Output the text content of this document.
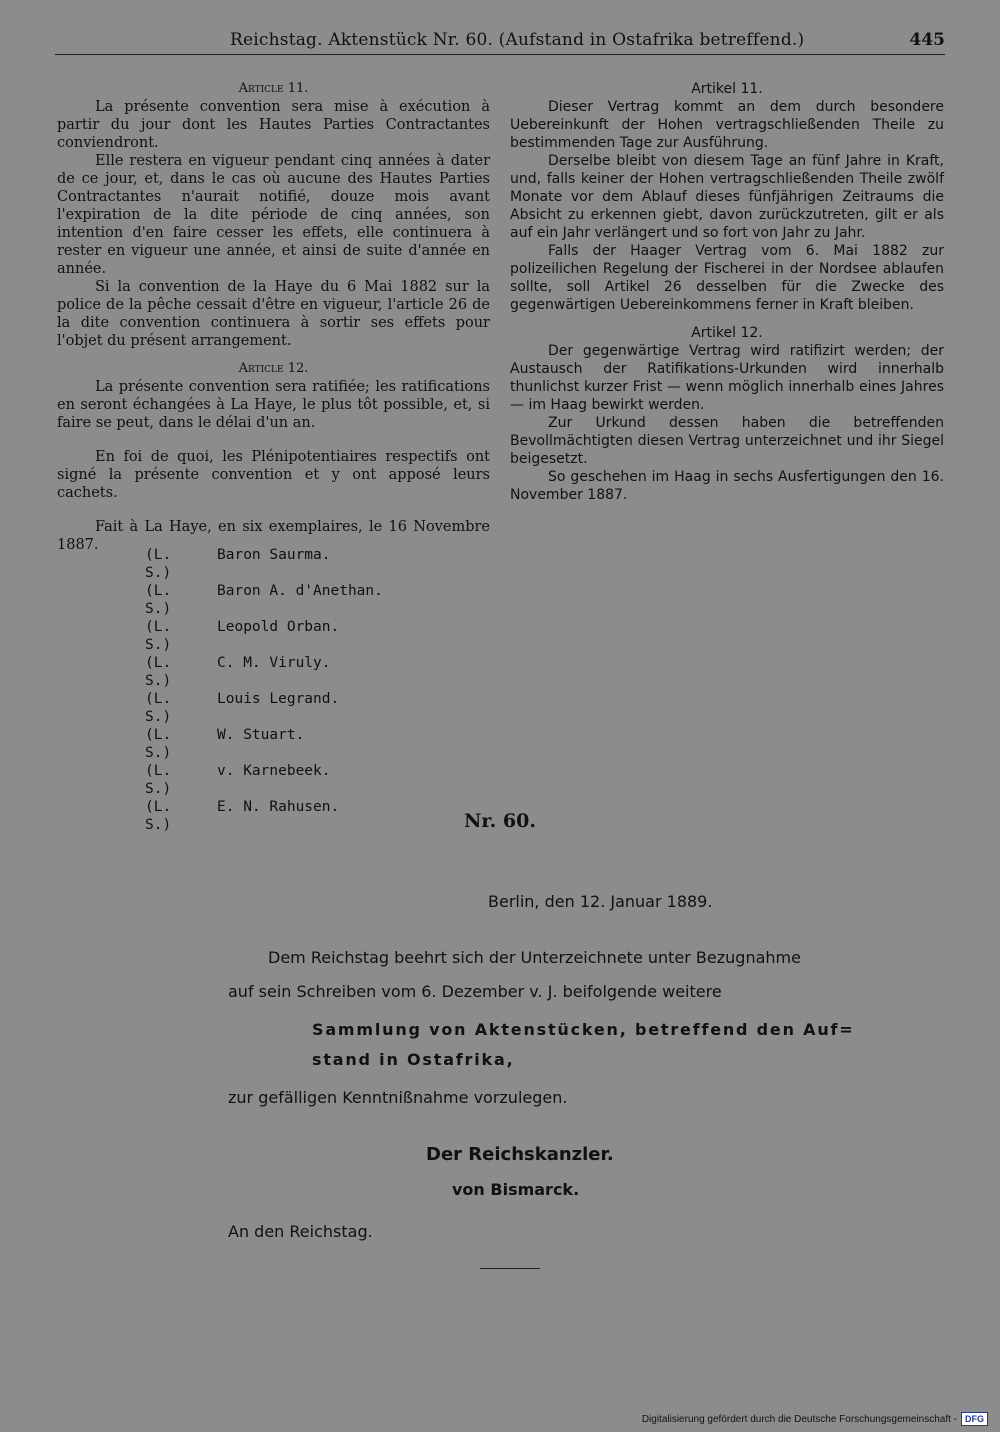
Reichstag. Aktenstück Nr. 60. (Aufstand in Ostafrika betreffend.)	445

Article 11.

La présente convention sera mise à exécution à partir du jour dont les Hautes Parties Contractantes conviendront.

Elle restera en vigueur pendant cinq années à dater de ce jour, et, dans le cas où aucune des Hautes Parties Contractantes n'aurait notifié, douze mois avant l'expiration de la dite période de cinq années, son intention d'en faire cesser les effets, elle continuera à rester en vigueur une année, et ainsi de suite d'année en année.

Si la convention de la Haye du 6 Mai 1882 sur la police de la pêche cessait d'être en vigueur, l'article 26 de la dite convention continuera à sortir ses effets pour l'objet du présent arrangement.

Article 12.

La présente convention sera ratifiée; les ratifications en seront échangées à La Haye, le plus tôt possible, et, si faire se peut, dans le délai d'un an.

En foi de quoi, les Plénipotentiaires respectifs ont signé la présente convention et y ont apposé leurs cachets.

Fait à La Haye, en six exemplaires, le 16 Novembre 1887.

Artikel 11.

Dieser Vertrag kommt an dem durch besondere Uebereinkunft der Hohen vertragschließenden Theile zu bestimmenden Tage zur Ausführung.

Derselbe bleibt von diesem Tage an fünf Jahre in Kraft, und, falls keiner der Hohen vertragschließenden Theile zwölf Monate vor dem Ablauf dieses fünfjährigen Zeitraums die Absicht zu erkennen giebt, davon zurückzutreten, gilt er als auf ein Jahr verlängert und so fort von Jahr zu Jahr.

Falls der Haager Vertrag vom 6. Mai 1882 zur polizeilichen Regelung der Fischerei in der Nordsee ablaufen sollte, soll Artikel 26 desselben für die Zwecke des gegenwärtigen Uebereinkommens ferner in Kraft bleiben.

Artikel 12.

Der gegenwärtige Vertrag wird ratifizirt werden; der Austausch der Ratifikations-Urkunden wird innerhalb thunlichst kurzer Frist — wenn möglich innerhalb eines Jahres — im Haag bewirkt werden.

Zur Urkund dessen haben die betreffenden Bevollmächtigten diesen Vertrag unterzeichnet und ihr Siegel beigesetzt.

So geschehen im Haag in sechs Ausfertigungen den 16. November 1887.

(L. S.)
Baron Saurma.
(L. S.)
Baron A. d'Anethan.
(L. S.)
Leopold Orban.
(L. S.)
C. M. Viruly.
(L. S.)
Louis Legrand.
(L. S.)
W. Stuart.
(L. S.)
v. Karnebeek.
(L. S.)
E. N. Rahusen.
Nr. 60.
Berlin, den 12. Januar 1889.
Dem Reichstag beehrt sich der Unterzeichnete unter Bezugnahme
auf sein Schreiben vom 6. Dezember v. J. beifolgende weitere
Sammlung von Aktenstücken, betreffend den Auf=
stand in Ostafrika,
zur gefälligen Kenntnißnahme vorzulegen.
Der Reichskanzler.
von Bismarck.
An den Reichstag.
Digitalisierung gefördert durch die Deutsche Forschungsgemeinschaft - DFG
